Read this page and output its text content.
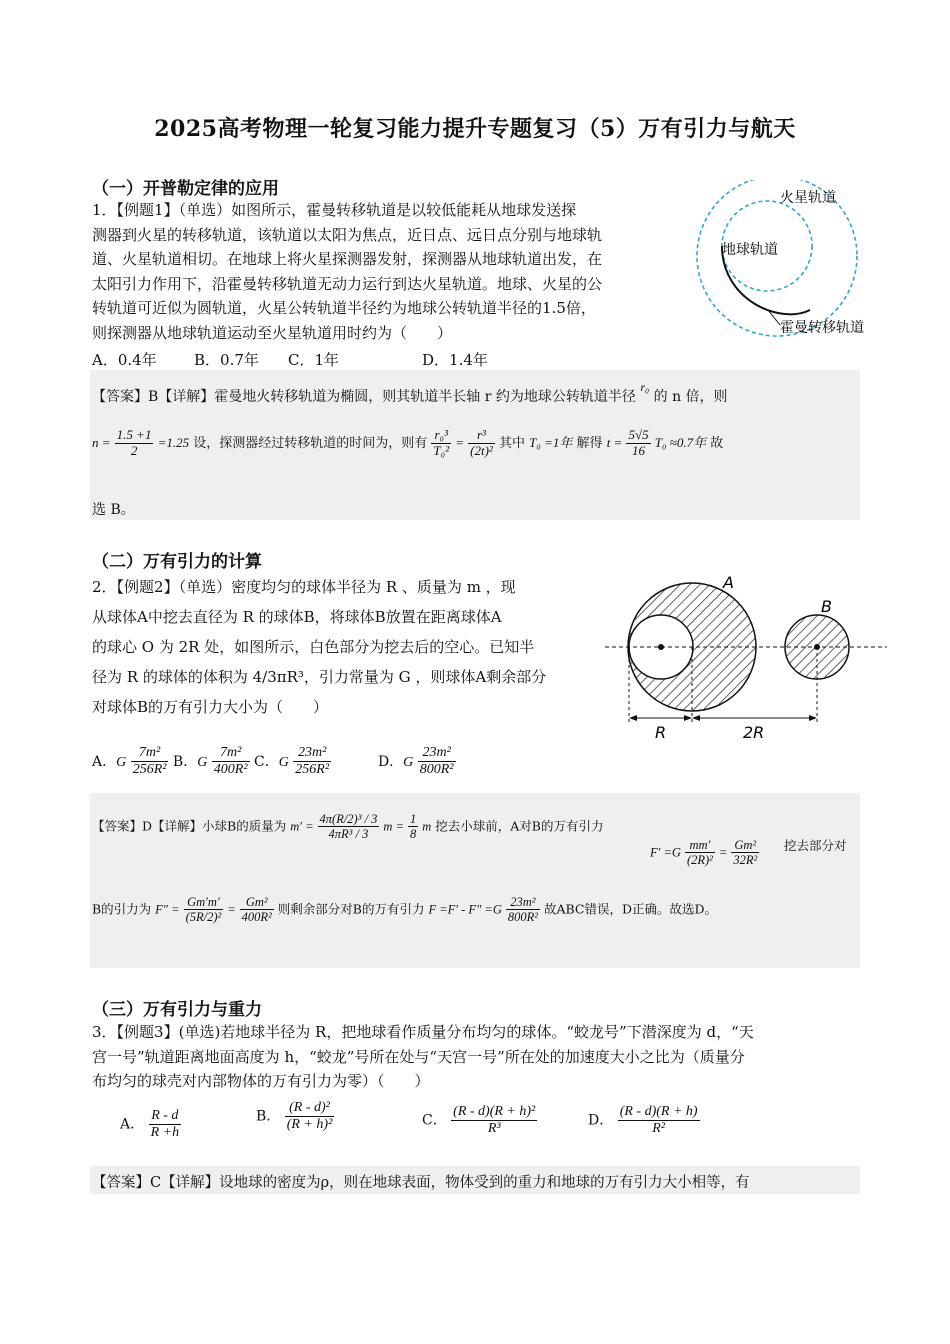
2025高考物理一轮复习能力提升专题复习（5）万有引力与航天
（一）开普勒定律的应用
1．【例题1】（单选）如图所示，霍曼转移轨道是以较低能耗从地球发送探
测器到火星的转移轨道，该轨道以太阳为焦点，近日点、远日点分别与地球轨
道、火星轨道相切。在地球上将火星探测器发射，探测器从地球轨道出发，在
太阳引力作用下，沿霍曼转移轨道无动力运行到达火星轨道。地球、火星的公
转轨道可近似为圆轨道，火星公转轨道半径约为地球公转轨道半径的1.5倍，
则探测器从地球轨道运动至火星轨道用时约为（　　）
A．0.4年 B．0.7年 C．1年	D．1.4年
火星轨道
地球轨道
霍曼转移轨道
【答案】B【详解】霍曼地火转移轨道为椭圆，则其轨道半长轴 r 约为地球公转轨道半径 r₀ 的 n 倍，则
$n = \frac{1.5 +1}{2} =1.25$ 设，探测器经过转移轨道的时间为，则有 $\frac{\text{r₀³}}{\text{T₀²}} = \frac{\text{r³}}{\text{(2t)²}}$ 其中 T₀ =1年 解得 $t = \frac{5√5}{16} T_0 \approx 0.7$年 故
选 B。
（二）万有引力的计算
2．【例题2】（单选）密度均匀的球体半径为 R 、质量为 m ，现
从球体A中挖去直径为 R 的球体B，将球体B放置在距离球体A
的球心 O 为 2R 处，如图所示，白色部分为挖去后的空心。已知半
径为 R 的球体的体积为 4/3πR³，引力常量为 G ，则球体A剩余部分
对球体B的万有引力大小为（　　）
A
B
R	2R
A．G $\frac{\text{7m²}}{\text{256R²}}$ B．G $\frac{\text{7m²}}{\text{400R²}}$ C．G $\frac{\text{23m²}}{\text{256R²}}$	D．G $\frac{\text{23m²}}{\text{800R²}}$
【答案】D【详解】小球B的质量为 $m' = \frac{\text{4π(R/2)³ / 3}}{\text{4πR³ / 3}}$ $m = \frac{1}{8}$ m 挖去小球前，A对B的万有引力
$F' =G \frac{mm'}{\text{(2R)²}} = \frac{\text{Gm²}}{\text{32R²}}$ 挖去部分对
B的引力为 $F'' = \frac{Gm'm'}{\text{(5R/2)²}} = \frac{\text{Gm²}}{\text{400R²}}$ 则剩余部分对B的万有引力 $F =F' - F'' =G \frac{\text{23m²}}{\text{800R²}}$ 故ABC错误，D正确。故选D。
（三）万有引力与重力
3．【例题3】(单选)若地球半径为 R，把地球看作质量分布均匀的球体。“蛟龙号”下潜深度为 d，“天
宫一号”轨道距离地面高度为 h，“蛟龙”号所在处与“天宫一号”所在处的加速度大小之比为（质量分
布均匀的球壳对内部物体的万有引力为零）（　　）
A． $\frac{R - d}{R +h}$	B． $\frac{\text{(R - d)²}}{\text{(R + h)²}}$	C． $\frac{\text{(R - d)(R + h)²}}{\text{R³}}$	D． $\frac{(R - d)(R + h)}{\text{R²}}$
【答案】C【详解】设地球的密度为ρ，则在地球表面，物体受到的重力和地球的万有引力大小相等，有
